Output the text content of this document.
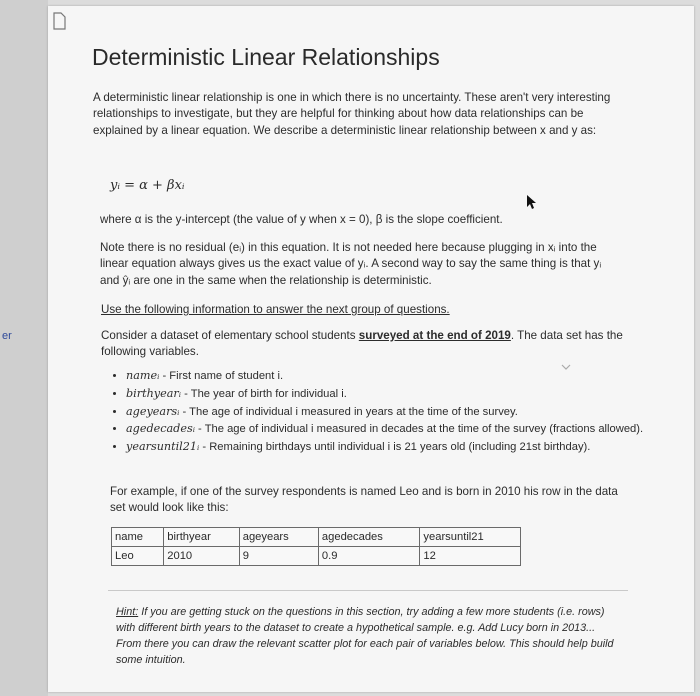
er
Deterministic Linear Relationships
A deterministic linear relationship is one in which there is no uncertainty. These aren't very interesting relationships to investigate, but they are helpful for thinking about how data relationships can be explained by a linear equation. We describe a deterministic linear relationship between x and y as:
yᵢ = α + βxᵢ
where α is the y-intercept (the value of y when x = 0), β is the slope coefficient.
Note there is no residual (eᵢ) in this equation. It is not needed here because plugging in xᵢ into the linear equation always gives us the exact value of yᵢ. A second way to say the same thing is that yᵢ and ŷᵢ are one in the same when the relationship is deterministic.
Use the following information to answer the next group of questions.
Consider a dataset of elementary school students surveyed at the end of 2019. The data set has the following variables.
• nameᵢ - First name of student i.
• birthyearᵢ - The year of birth for individual i.
• ageyearsᵢ - The age of individual i measured in years at the time of the survey.
• agedecadesᵢ - The age of individual i measured in decades at the time of the survey (fractions allowed).
• yearsuntil21ᵢ - Remaining birthdays until individual i is 21 years old (including 21st birthday).
For example, if one of the survey respondents is named Leo and is born in 2010 his row in the data set would look like this:
name	birthyear	ageyears	agedecades	yearsuntil21
Leo	2010	9	0.9	12
Hint: If you are getting stuck on the questions in this section, try adding a few more students (i.e. rows) with different birth years to the dataset to create a hypothetical sample. e.g. Add Lucy born in 2013... From there you can draw the relevant scatter plot for each pair of variables below. This should help build some intuition.
